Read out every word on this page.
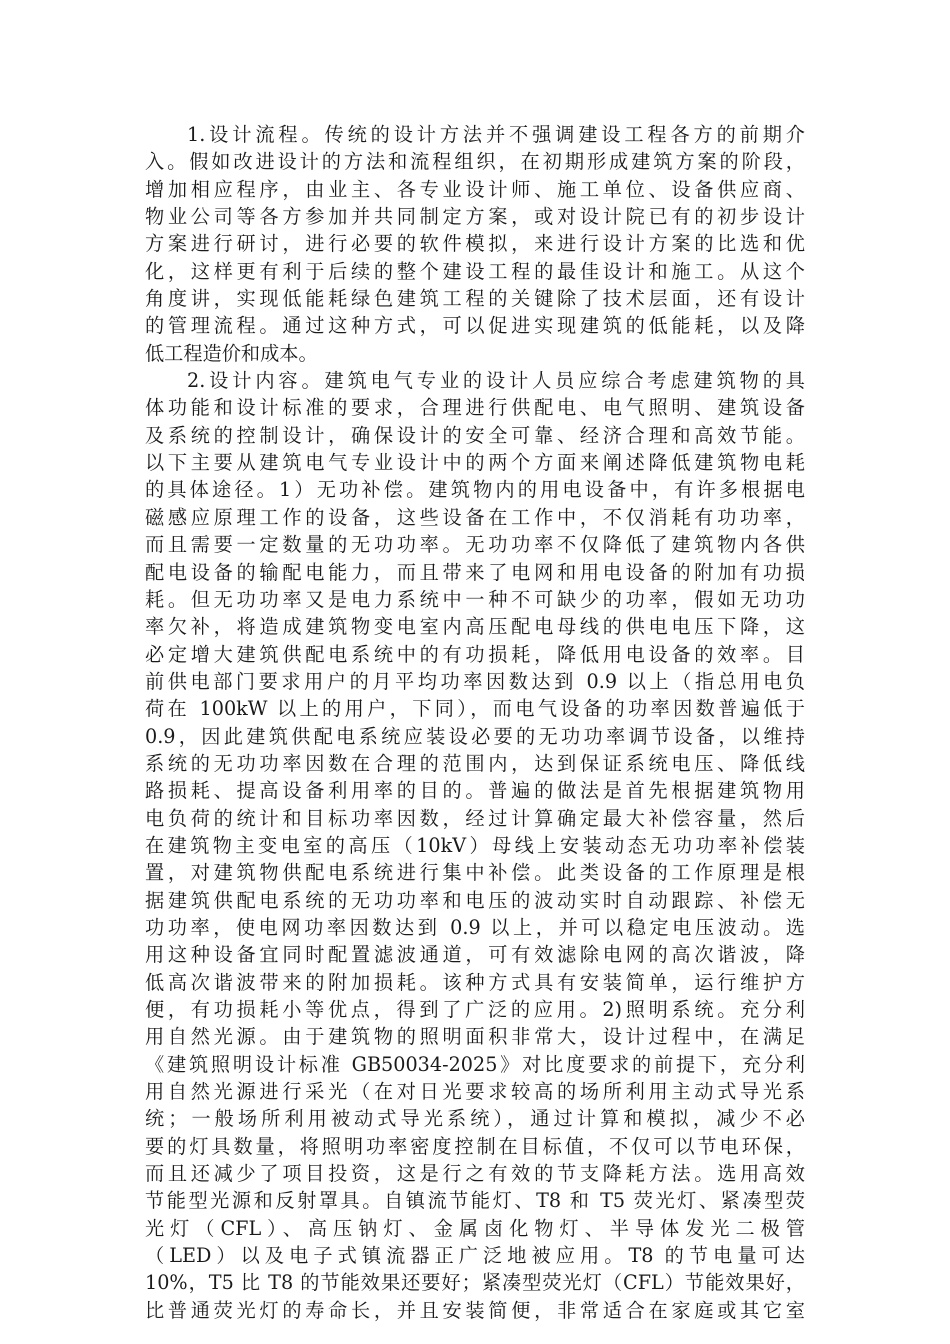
1.设计流程。传统的设计方法并不强调建设工程各方的前期介
入。假如改进设计的方法和流程组织，在初期形成建筑方案的阶段，
增加相应程序，由业主、各专业设计师、施工单位、设备供应商、
物业公司等各方参加并共同制定方案，或对设计院已有的初步设计
方案进行研讨，进行必要的软件模拟，来进行设计方案的比选和优
化，这样更有利于后续的整个建设工程的最佳设计和施工。从这个
角度讲，实现低能耗绿色建筑工程的关键除了技术层面，还有设计
的管理流程。通过这种方式，可以促进实现建筑的低能耗，以及降
低工程造价和成本。
2.设计内容。建筑电气专业的设计人员应综合考虑建筑物的具
体功能和设计标准的要求，合理进行供配电、电气照明、建筑设备
及系统的控制设计，确保设计的安全可靠、经济合理和高效节能。
以下主要从建筑电气专业设计中的两个方面来阐述降低建筑物电耗
的具体途径。1）无功补偿。建筑物内的用电设备中，有许多根据电
磁感应原理工作的设备，这些设备在工作中，不仅消耗有功功率，
而且需要一定数量的无功功率。无功功率不仅降低了建筑物内各供
配电设备的输配电能力，而且带来了电网和用电设备的附加有功损
耗。但无功功率又是电力系统中一种不可缺少的功率，假如无功功
率欠补，将造成建筑物变电室内高压配电母线的供电电压下降，这
必定增大建筑供配电系统中的有功损耗，降低用电设备的效率。目
前供电部门要求用户的月平均功率因数达到 0.9 以上（指总用电负
荷在 100kW 以上的用户，下同），而电气设备的功率因数普遍低于
0.9，因此建筑供配电系统应装设必要的无功功率调节设备，以维持
系统的无功功率因数在合理的范围内，达到保证系统电压、降低线
路损耗、提高设备利用率的目的。普遍的做法是首先根据建筑物用
电负荷的统计和目标功率因数，经过计算确定最大补偿容量，然后
在建筑物主变电室的高压（10kV）母线上安装动态无功功率补偿装
置，对建筑物供配电系统进行集中补偿。此类设备的工作原理是根
据建筑供配电系统的无功功率和电压的波动实时自动跟踪、补偿无
功功率，使电网功率因数达到 0.9 以上，并可以稳定电压波动。选
用这种设备宜同时配置滤波通道，可有效滤除电网的高次谐波，降
低高次谐波带来的附加损耗。该种方式具有安装简单，运行维护方
便，有功损耗小等优点，得到了广泛的应用。2)照明系统。充分利
用自然光源。由于建筑物的照明面积非常大，设计过程中，在满足
《建筑照明设计标准 GB50034-2025》对比度要求的前提下，充分利
用自然光源进行采光（在对日光要求较高的场所利用主动式导光系
统；一般场所利用被动式导光系统），通过计算和模拟，减少不必
要的灯具数量，将照明功率密度控制在目标值，不仅可以节电环保，
而且还减少了项目投资，这是行之有效的节支降耗方法。选用高效
节能型光源和反射罩具。自镇流节能灯、T8 和 T5 荧光灯、紧凑型荧
光灯（CFL）、高压钠灯、金属卤化物灯、半导体发光二极管
（LED）以及电子式镇流器正广泛地被应用。T8 的节电量可达
10%，T5 比 T8 的节能效果还要好；紧凑型荧光灯（CFL）节能效果好，
比普通荧光灯的寿命长，并且安装简便，非常适合在家庭或其它室
